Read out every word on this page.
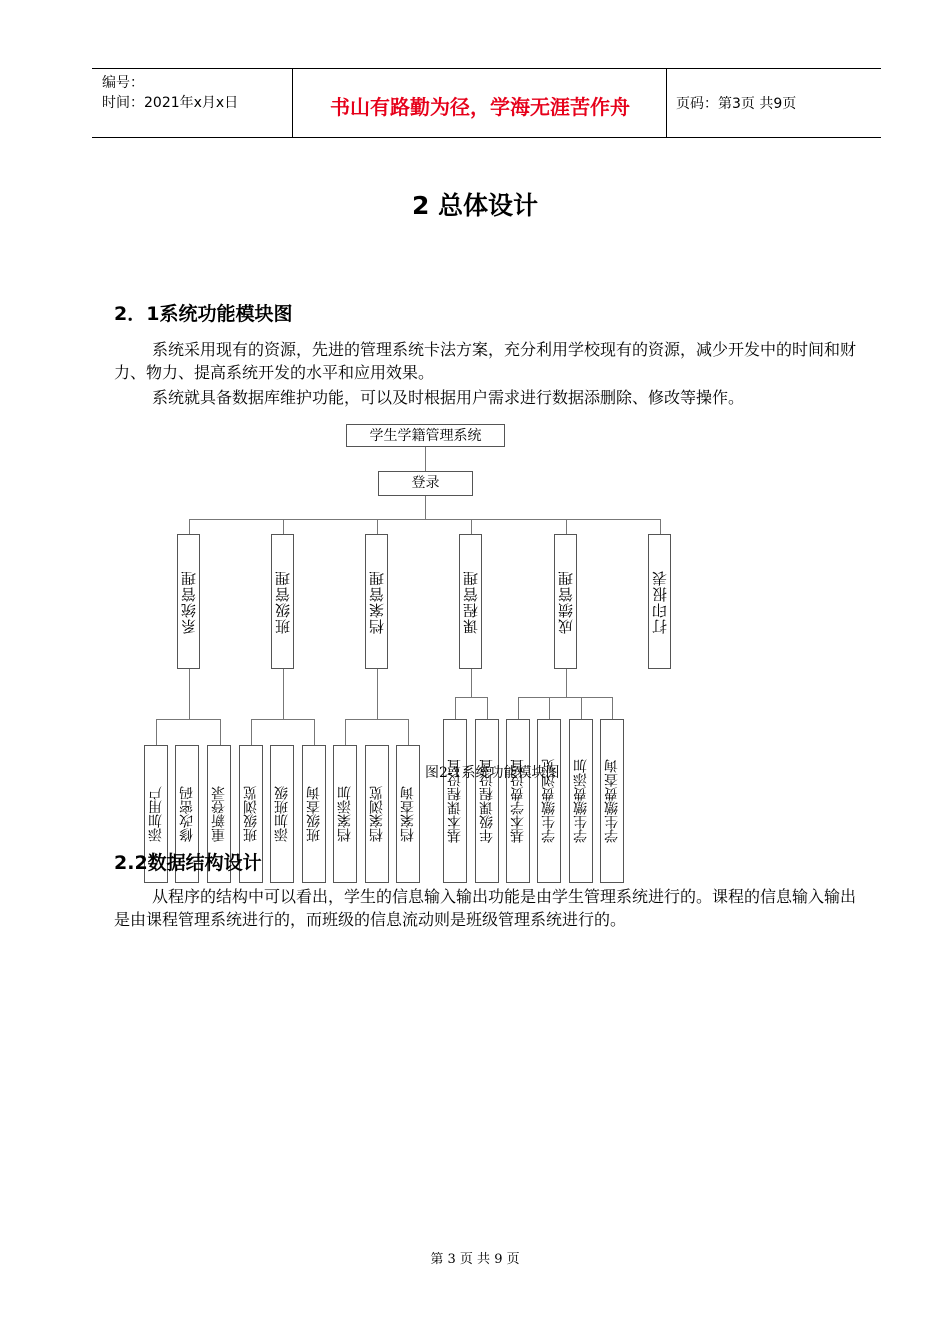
编号：
时间：2021年x月x日	书山有路勤为径，学海无涯苦作舟	页码：第3页 共9页
2 总体设计
2．1系统功能模块图

系统采用现有的资源，先进的管理系统卡法方案，充分利用学校现有的资源，减少开发中的时间和财力、物力、提高系统开发的水平和应用效果。

系统就具备数据库维护功能，可以及时根据用户需求进行数据添删除、修改等操作。

学生学籍管理系统
登录
系统管理	班级管理	档案管理	课程管理	成绩管理	打印报表
添加用户 修改密码 重新登录 班级浏览 添加班级 班级查询 档案添加 档案浏览 档案查询 基本课程设置 年级课程设置 基本学费设置 学生缴费浏览 学生缴费添加 学生缴费查询
图2-1系统功能模块图
2.2数据结构设计

从程序的结构中可以看出，学生的信息输入输出功能是由学生管理系统进行的。课程的信息输入输出是由课程管理系统进行的，而班级的信息流动则是班级管理系统进行的。

第 3 页 共 9 页
